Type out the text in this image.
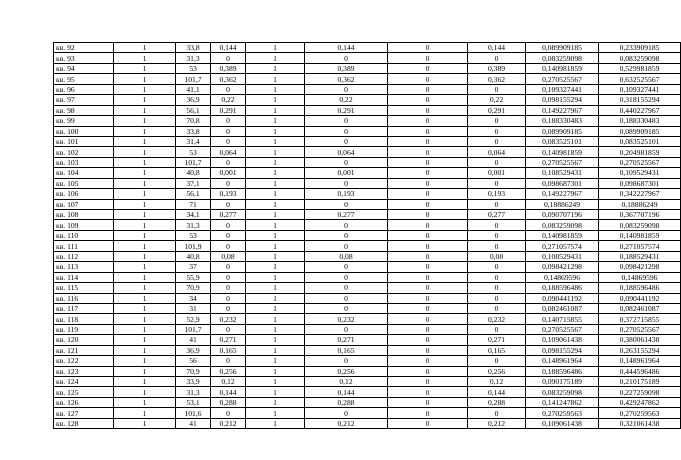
кв. 92	1	33,8	0,144	1	0,144	0	0,144	0,089909185	0,233909185
кв. 93	1	31,3	0	1	0	0	0	0,083259098	0,083259098
кв. 94	1	53	0,389	1	0,389	0	0,389	0,140981859	0,529981859
кв. 95	1	101,7	0,362	1	0,362	0	0,362	0,270525567	0,632525567
кв. 96	1	41,1	0	1	0	0	0	0,109327441	0,109327441
кв. 97	1	36,9	0,22	1	0,22	0	0,22	0,098155294	0,318155294
кв. 98	1	56,1	0,291	1	0,291	0	0,291	0,149227967	0,440227967
кв. 99	1	70,8	0	1	0	0	0	0,188330483	0,188330483
кв. 100	1	33,8	0	1	0	0	0	0,089909185	0,089909185
кв. 101	1	31,4	0	1	0	0	0	0,083525101	0,083525101
кв. 102	1	53	0,064	1	0,064	0	0,064	0,140981859	0,204981859
кв. 103	1	101,7	0	1	0	0	0	0,270525567	0,270525567
кв. 104	1	40,8	0,001	1	0,001	0	0,001	0,108529431	0,109529431
кв. 105	1	37,1	0	1	0	0	0	0,098687301	0,098687301
кв. 106	1	56,1	0,193	1	0,193	0	0,193	0,149227967	0,342227967
кв. 107	1	71	0	1	0	0	0	0,18886249	0,18886249
кв. 108	1	34,1	0,277	1	0,277	0	0,277	0,090707196	0,367707196
кв. 109	1	31,3	0	1	0	0	0	0,083259098	0,083259098
кв. 110	1	53	0	1	0	0	0	0,140981859	0,140981859
кв. 111	1	101,9	0	1	0	0	0	0,271057574	0,271057574
кв. 112	1	40,8	0,08	1	0,08	0	0,08	0,108529431	0,188529431
кв. 113	1	37	0	1	0	0	0	0,098421298	0,098421298
кв. 114	1	55,9	0	1	0	0	0	0,14869596	0,14869596
кв. 115	1	70,9	0	1	0	0	0	0,188596486	0,188596486
кв. 116	1	34	0	1	0	0	0	0,090441192	0,090441192
кв. 117	1	31	0	1	0	0	0	0,082461087	0,082461087
кв. 118	1	52,9	0,232	1	0,232	0	0,232	0,140715855	0,372715855
кв. 119	1	101,7	0	1	0	0	0	0,270525567	0,270525567
кв. 120	1	41	0,271	1	0,271	0	0,271	0,109061438	0,380061438
кв. 121	1	36,9	0,165	1	0,165	0	0,165	0,098155294	0,263155294
кв. 122	1	56	0	1	0	0	0	0,148961964	0,148961964
кв. 123	1	70,9	0,256	1	0,256	0	0,256	0,188596486	0,444596486
кв. 124	1	33,9	0,12	1	0,12	0	0,12	0,090175189	0,210175189
кв. 125	1	31,3	0,144	1	0,144	0	0,144	0,083259098	0,227259098
кв. 126	1	53,1	0,288	1	0,288	0	0,288	0,141247862	0,429247862
кв. 127	1	101,6	0	1	0	0	0	0,270259563	0,270259563
кв. 128	1	41	0,212	1	0,212	0	0,212	0,109061438	0,321061438
